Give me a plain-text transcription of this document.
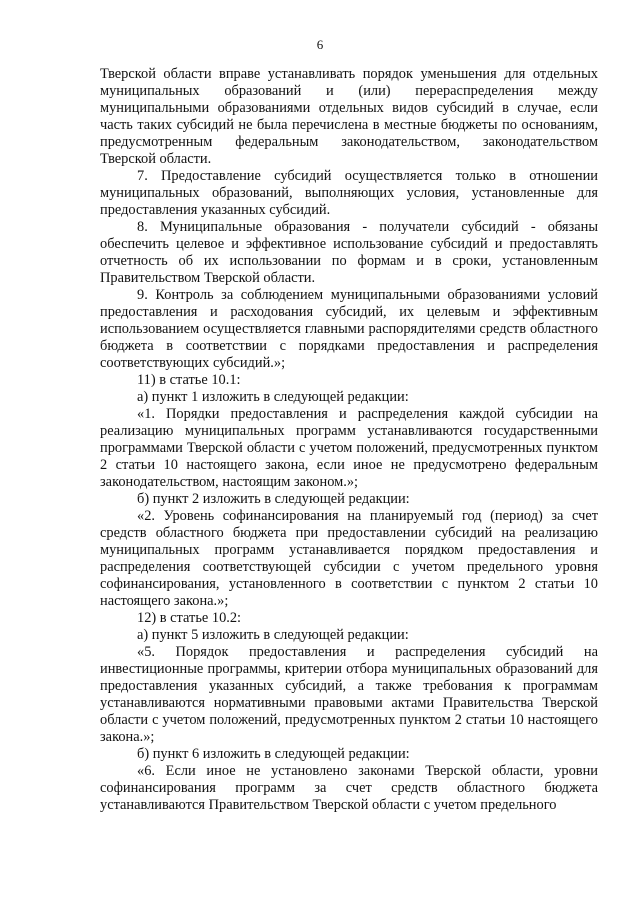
6

Тверской области вправе устанавливать порядок уменьшения для отдельных муниципальных образований и (или) перераспределения между муниципальными образованиями отдельных видов субсидий в случае, если часть таких субсидий не была перечислена в местные бюджеты по основаниям, предусмотренным федеральным законодательством, законодательством Тверской области.

7. Предоставление субсидий осуществляется только в отношении муниципальных образований, выполняющих условия, установленные для предоставления указанных субсидий.

8. Муниципальные образования - получатели субсидий - обязаны обеспечить целевое и эффективное использование субсидий и предоставлять отчетность об их использовании по формам и в сроки, установленным Правительством Тверской области.

9. Контроль за соблюдением муниципальными образованиями условий предоставления и расходования субсидий, их целевым и эффективным использованием осуществляется главными распорядителями средств областного бюджета в соответствии с порядками предоставления и распределения соответствующих субсидий.»;

11) в статье 10.1:

а) пункт 1 изложить в следующей редакции:

«1. Порядки предоставления и распределения каждой субсидии на реализацию муниципальных программ устанавливаются государственными программами Тверской области с учетом положений, предусмотренных пунктом 2 статьи 10 настоящего закона, если иное не предусмотрено федеральным законодательством, настоящим законом.»;

б) пункт 2 изложить в следующей редакции:

«2. Уровень софинансирования на планируемый год (период) за счет средств областного бюджета при предоставлении субсидий на реализацию муниципальных программ устанавливается порядком предоставления и распределения соответствующей субсидии с учетом предельного уровня софинансирования, установленного в соответствии с пунктом 2 статьи 10 настоящего закона.»;

12) в статье 10.2:

а) пункт 5 изложить в следующей редакции:

«5. Порядок предоставления и распределения субсидий на инвестиционные программы, критерии отбора муниципальных образований для предоставления указанных субсидий, а также требования к программам устанавливаются нормативными правовыми актами Правительства Тверской области с учетом положений, предусмотренных пунктом 2 статьи 10 настоящего закона.»;

б) пункт 6 изложить в следующей редакции:

«6. Если иное не установлено законами Тверской области, уровни софинансирования программ за счет средств областного бюджета устанавливаются Правительством Тверской области с учетом предельного
